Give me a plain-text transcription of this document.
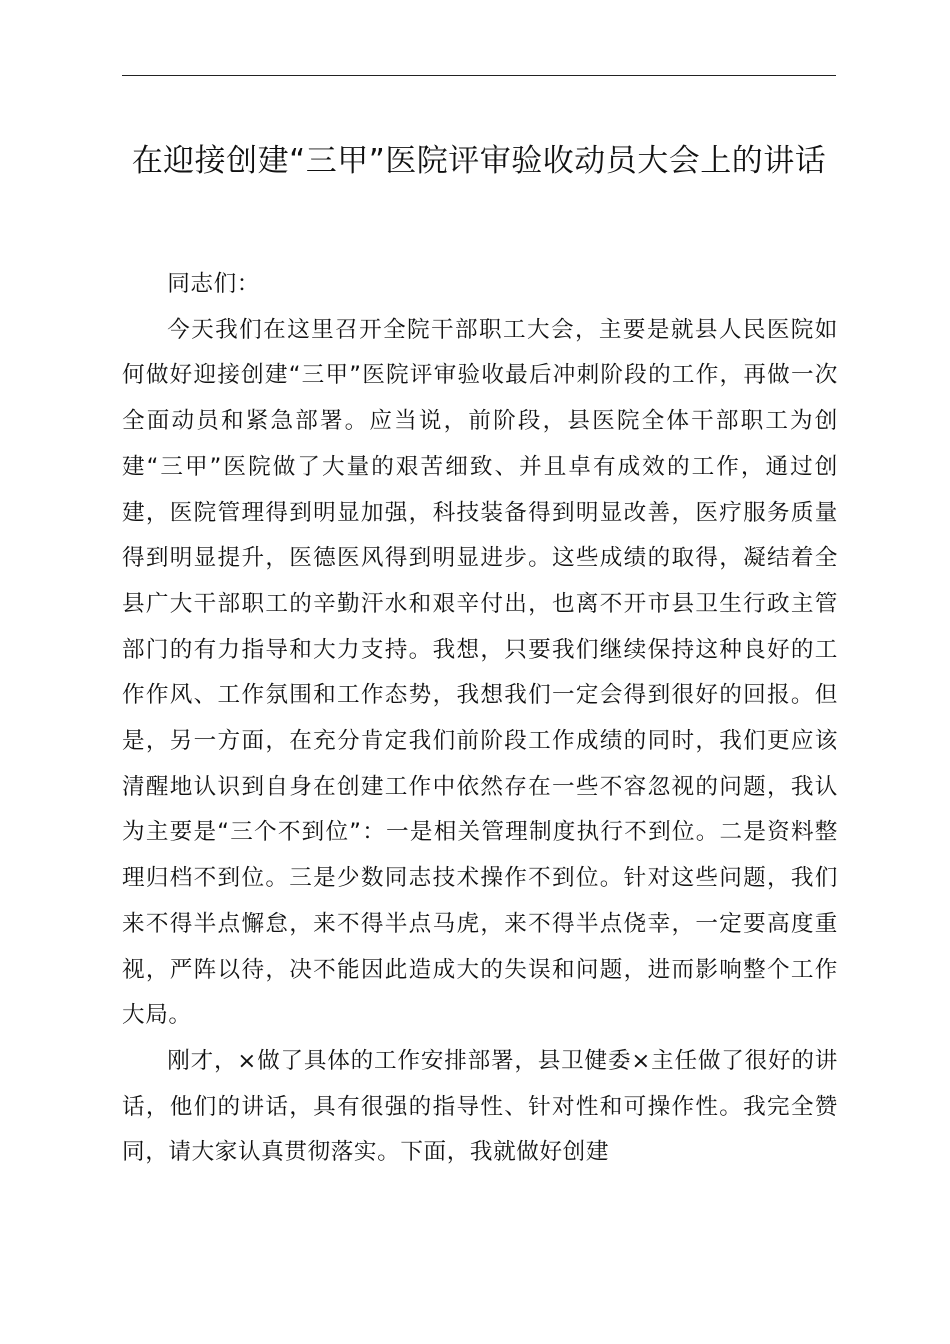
在迎接创建“三甲”医院评审验收动员大会上的讲话

同志们：

今天我们在这里召开全院干部职工大会，主要是就县人民医院如何做好迎接创建“三甲”医院评审验收最后冲刺阶段的工作，再做一次全面动员和紧急部署。应当说，前阶段，县医院全体干部职工为创建“三甲”医院做了大量的艰苦细致、并且卓有成效的工作，通过创建，医院管理得到明显加强，科技装备得到明显改善，医疗服务质量得到明显提升，医德医风得到明显进步。这些成绩的取得，凝结着全县广大干部职工的辛勤汗水和艰辛付出，也离不开市县卫生行政主管部门的有力指导和大力支持。我想，只要我们继续保持这种良好的工作作风、工作氛围和工作态势，我想我们一定会得到很好的回报。但是，另一方面，在充分肯定我们前阶段工作成绩的同时，我们更应该清醒地认识到自身在创建工作中依然存在一些不容忽视的问题，我认为主要是“三个不到位”：一是相关管理制度执行不到位。二是资料整理归档不到位。三是少数同志技术操作不到位。针对这些问题，我们来不得半点懈怠，来不得半点马虎，来不得半点侥幸，一定要高度重视，严阵以待，决不能因此造成大的失误和问题，进而影响整个工作大局。

刚才，×做了具体的工作安排部署，县卫健委×主任做了很好的讲话，他们的讲话，具有很强的指导性、针对性和可操作性。我完全赞同，请大家认真贯彻落实。下面，我就做好创建
